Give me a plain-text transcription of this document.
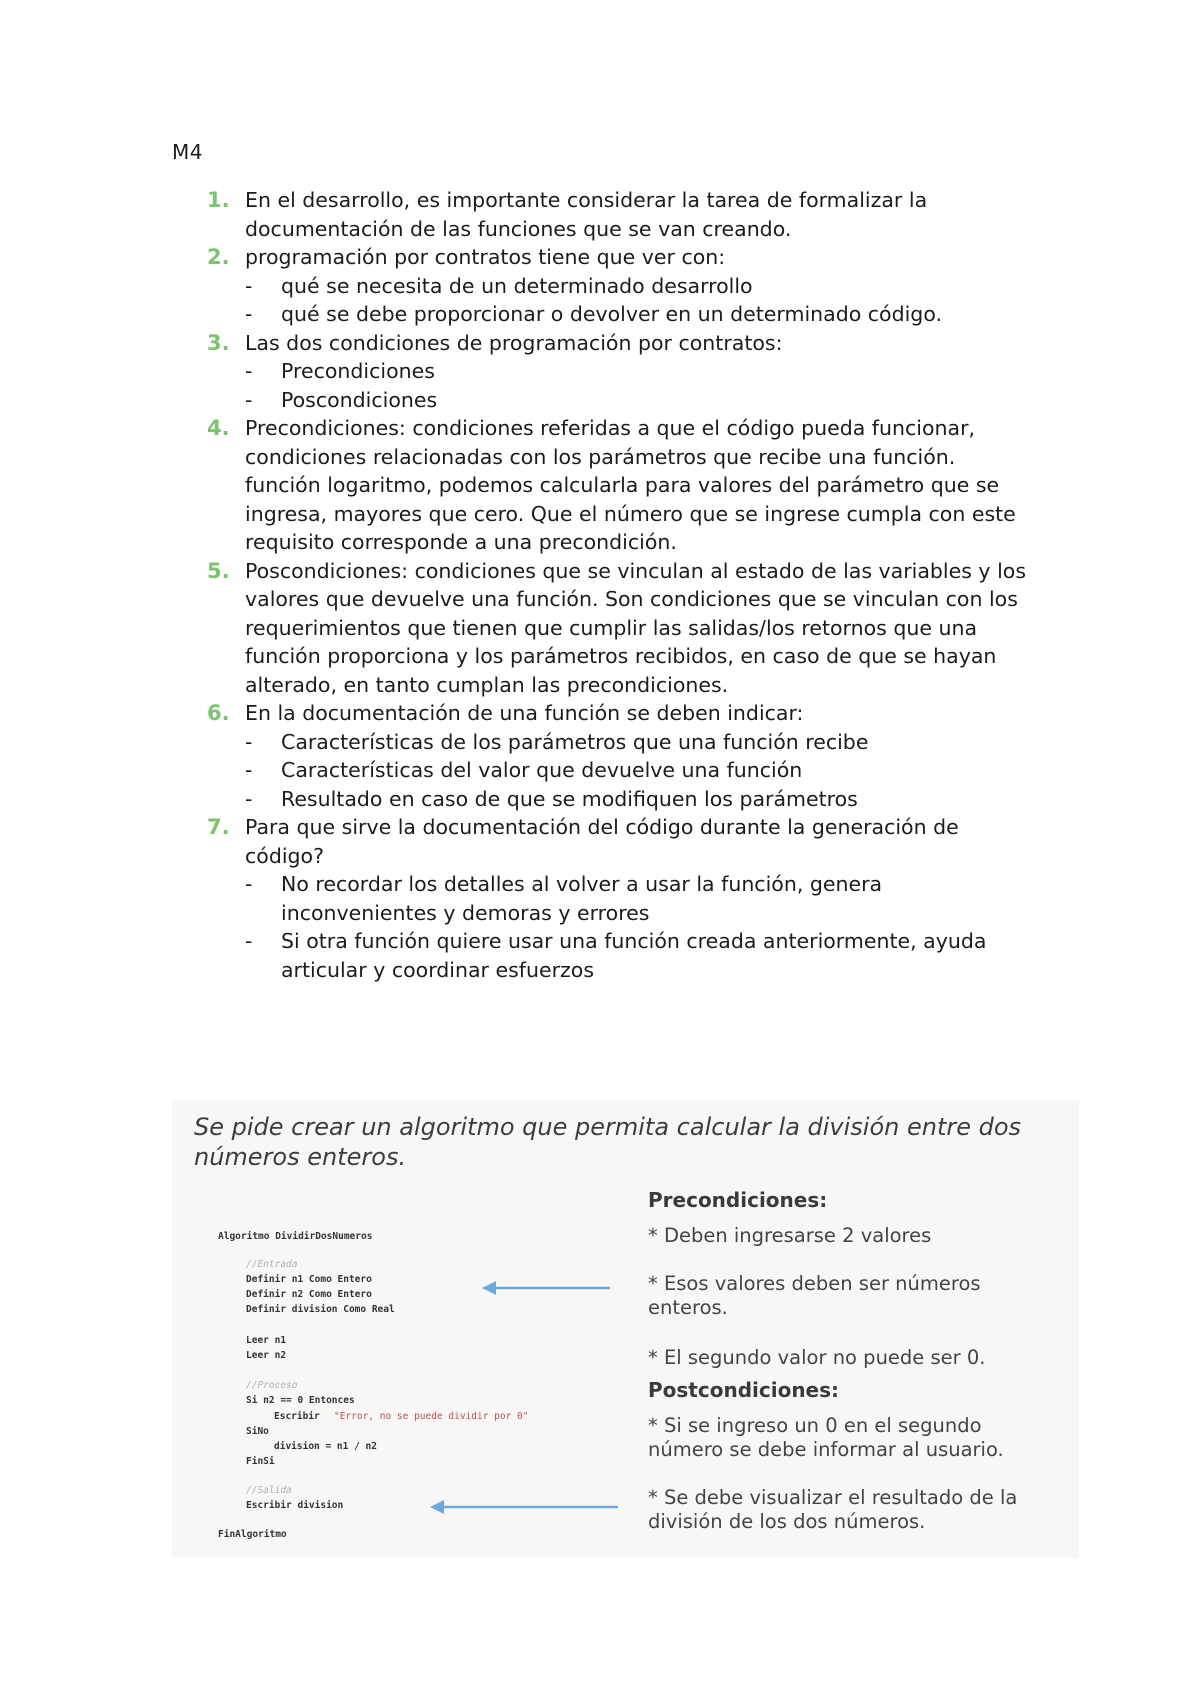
M4
1. En el desarrollo, es importante considerar la tarea de formalizar la documentación de las funciones que se van creando.
2. programación por contratos tiene que ver con:
- qué se necesita de un determinado desarrollo
- qué se debe proporcionar o devolver en un determinado código.
3. Las dos condiciones de programación por contratos:
- Precondiciones
- Poscondiciones
4. Precondiciones: condiciones referidas a que el código pueda funcionar, condiciones relacionadas con los parámetros que recibe una función. función logaritmo, podemos calcularla para valores del parámetro que se ingresa, mayores que cero. Que el número que se ingrese cumpla con este requisito corresponde a una precondición.
5. Poscondiciones: condiciones que se vinculan al estado de las variables y los valores que devuelve una función. Son condiciones que se vinculan con los requerimientos que tienen que cumplir las salidas/los retornos que una función proporciona y los parámetros recibidos, en caso de que se hayan alterado, en tanto cumplan las precondiciones.
6. En la documentación de una función se deben indicar:
- Características de los parámetros que una función recibe
- Características del valor que devuelve una función
- Resultado en caso de que se modifiquen los parámetros
7. Para que sirve la documentación del código durante la generación de código?
- No recordar los detalles al volver a usar la función, genera inconvenientes y demoras y errores
- Si otra función quiere usar una función creada anteriormente, ayuda articular y coordinar esfuerzos
Se pide crear un algoritmo que permita calcular la división entre dos números enteros.
Algoritmo DividirDosNumeros
//Entrada
Definir n1 Como Entero
Definir n2 Como Entero
Definir division Como Real
Leer n1
Leer n2
//Proceso
Si n2 == 0 Entonces
Escribir "Error, no se puede dividir por 0"
SiNo
division = n1 / n2
FinSi
//Salida
Escribir division
FinAlgoritmo
Precondiciones:
* Deben ingresarse 2 valores
* Esos valores deben ser números enteros.
* El segundo valor no puede ser 0.
Postcondiciones:
* Si se ingreso un 0 en el segundo número se debe informar al usuario.
* Se debe visualizar el resultado de la división de los dos números.
